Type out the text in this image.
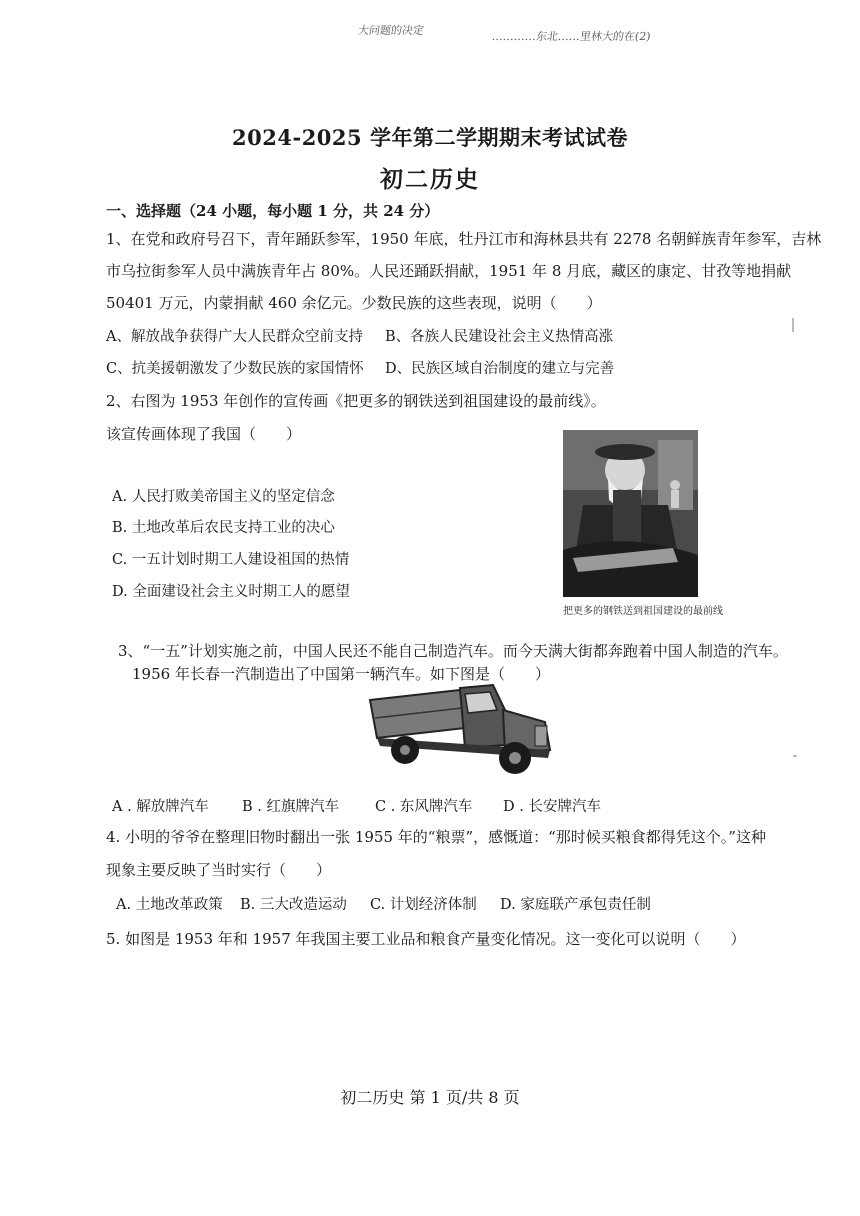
大问题的决定	…………东北……里林大的在(2)
2024-2025 学年第二学期期末考试试卷
初二历史
一、选择题（24 小题，每小题 1 分，共 24 分）
1、在党和政府号召下，青年踊跃参军，1950 年底，牡丹江市和海林县共有 2278 名朝鲜族青年参军，吉林
市乌拉街参军人员中满族青年占 80%。人民还踊跃捐献，1951 年 8 月底，藏区的康定、甘孜等地捐献
50401 万元，内蒙捐献 460 余亿元。少数民族的这些表现，说明（　　）
A、解放战争获得广大人民群众空前支持 B、各族人民建设社会主义热情高涨
C、抗美援朝激发了少数民族的家国情怀 D、民族区域自治制度的建立与完善
2、右图为 1953 年创作的宣传画《把更多的钢铁送到祖国建设的最前线》。
该宣传画体现了我国（　　）
A. 人民打败美帝国主义的坚定信念
B. 土地改革后农民支持工业的决心
C. 一五计划时期工人建设祖国的热情
D. 全面建设社会主义时期工人的愿望
把更多的钢铁送到祖国建设的最前线
3、“一五”计划实施之前，中国人民还不能自己制造汽车。而今天满大街都奔跑着中国人制造的汽车。
1956 年长春一汽制造出了中国第一辆汽车。如下图是（　　）
A . 解放牌汽车 B . 红旗牌汽车 C . 东风牌汽车 D . 长安牌汽车
4. 小明的爷爷在整理旧物时翻出一张 1955 年的“粮票”，感慨道：“那时候买粮食都得凭这个。”这种
现象主要反映了当时实行（　　）
A. 土地改革政策 B. 三大改造运动 C. 计划经济体制 D. 家庭联产承包责任制
5. 如图是 1953 年和 1957 年我国主要工业品和粮食产量变化情况。这一变化可以说明（　　）
初二历史 第 1 页/共 8 页
